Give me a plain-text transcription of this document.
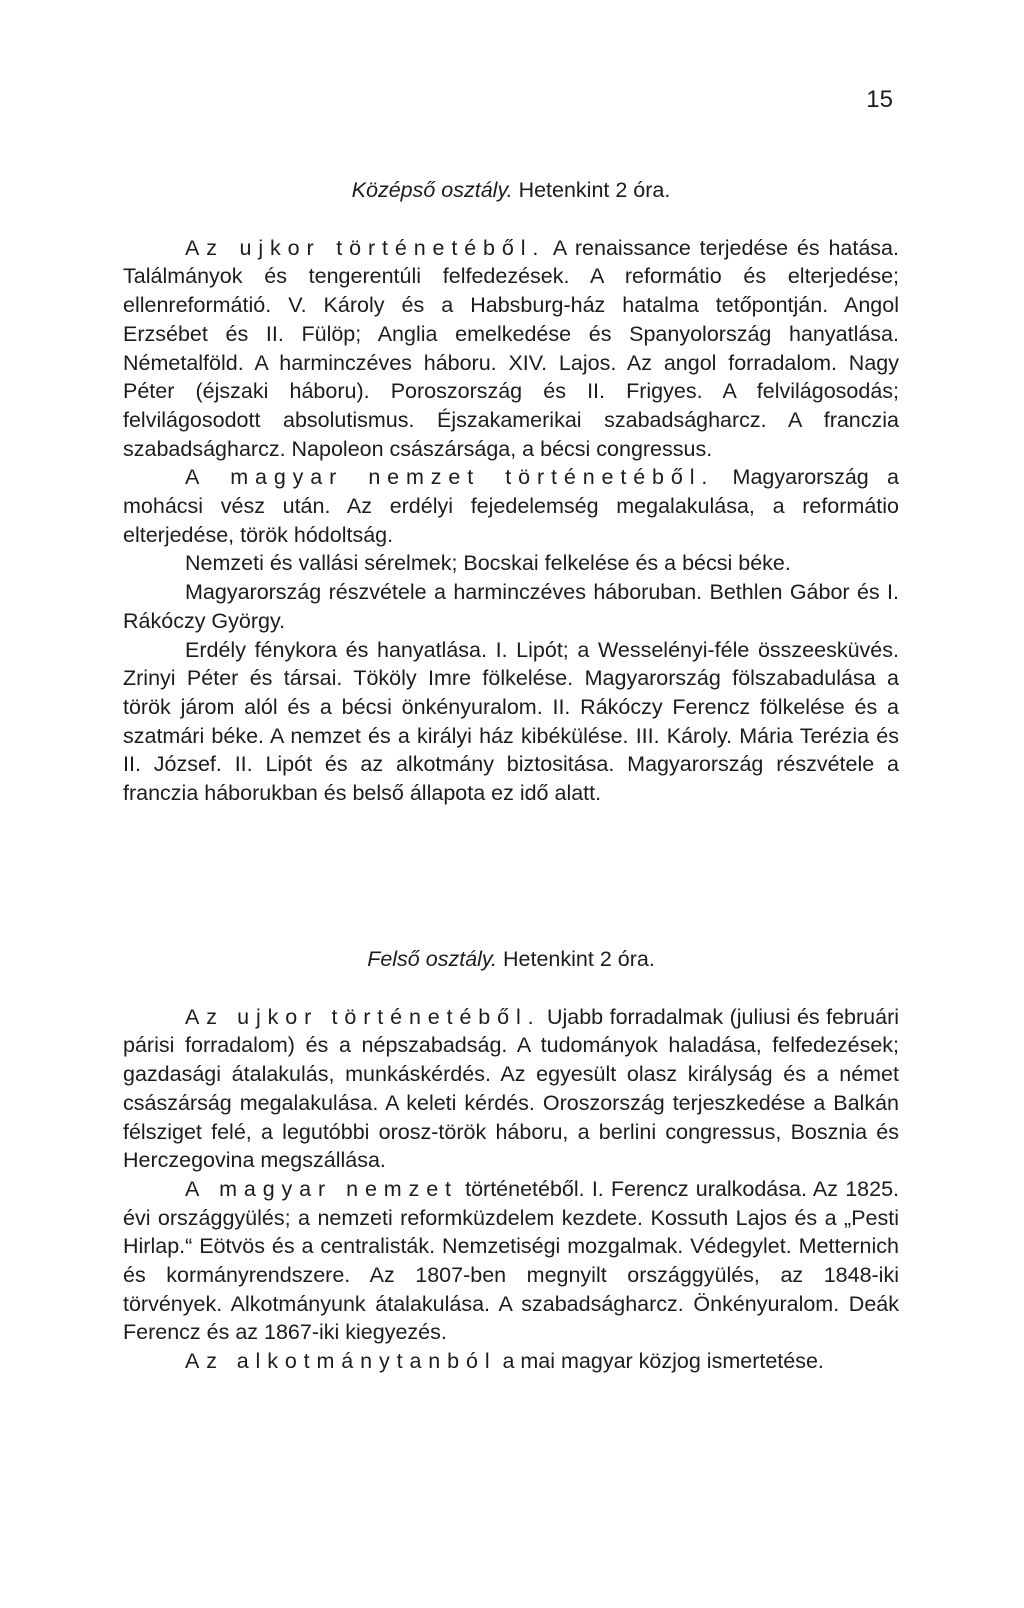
15

Középső osztály. Hetenkint 2 óra.

Az ujkor történetéből. A renaissance terjedése és hatása. Találmányok és tengerentúli felfedezések. A reformátio és elterjedése; ellenreformátió. V. Károly és a Habsburg-ház hatalma tetőpontján. Angol Erzsébet és II. Fülöp; Anglia emelkedése és Spanyolország hanyatlása. Németalföld. A harminczéves háboru. XIV. Lajos. Az angol forradalom. Nagy Péter (éjszaki háboru). Poroszország és II. Frigyes. A felvilágosodás; felvilágosodott absolutismus. Éjszakamerikai szabadságharcz. A franczia szabadságharcz. Napoleon császársága, a bécsi congressus.

A magyar nemzet történetéből. Magyarország a mohácsi vész után. Az erdélyi fejedelemség megalakulása, a reformátio elterjedése, török hódoltság.

Nemzeti és vallási sérelmek; Bocskai felkelése és a bécsi béke.

Magyarország részvétele a harminczéves háboruban. Bethlen Gábor és I. Rákóczy György.

Erdély fénykora és hanyatlása. I. Lipót; a Wesselényi-féle összeesküvés. Zrinyi Péter és társai. Tököly Imre fölkelése. Magyarország fölszabadulása a török járom alól és a bécsi önkényuralom. II. Rákóczy Ferencz fölkelése és a szatmári béke. A nemzet és a királyi ház kibékülése. III. Károly. Mária Terézia és II. József. II. Lipót és az alkotmány biztositása. Magyarország részvétele a franczia háborukban és belső állapota ez idő alatt.

Felső osztály. Hetenkint 2 óra.

Az ujkor történetéből. Ujabb forradalmak (juliusi és februári párisi forradalom) és a népszabadság. A tudományok haladása, felfedezések; gazdasági átalakulás, munkáskérdés. Az egyesült olasz királyság és a német császárság megalakulása. A keleti kérdés. Oroszország terjeszkedése a Balkán félsziget felé, a legutóbbi orosz-török háboru, a berlini congressus, Bosznia és Herczegovina megszállása.

A magyar nemzet történetéből. I. Ferencz uralkodása. Az 1825. évi országgyülés; a nemzeti reformküzdelem kezdete. Kossuth Lajos és a „Pesti Hirlap.“ Eötvös és a centralisták. Nemzetiségi mozgalmak. Védegylet. Metternich és kormányrendszere. Az 1807-ben megnyilt országgyülés, az 1848-iki törvények. Alkotmányunk átalakulása. A szabadságharcz. Önkényuralom. Deák Ferencz és az 1867-iki kiegyezés.

Az alkotmánytanból a mai magyar közjog ismertetése.
